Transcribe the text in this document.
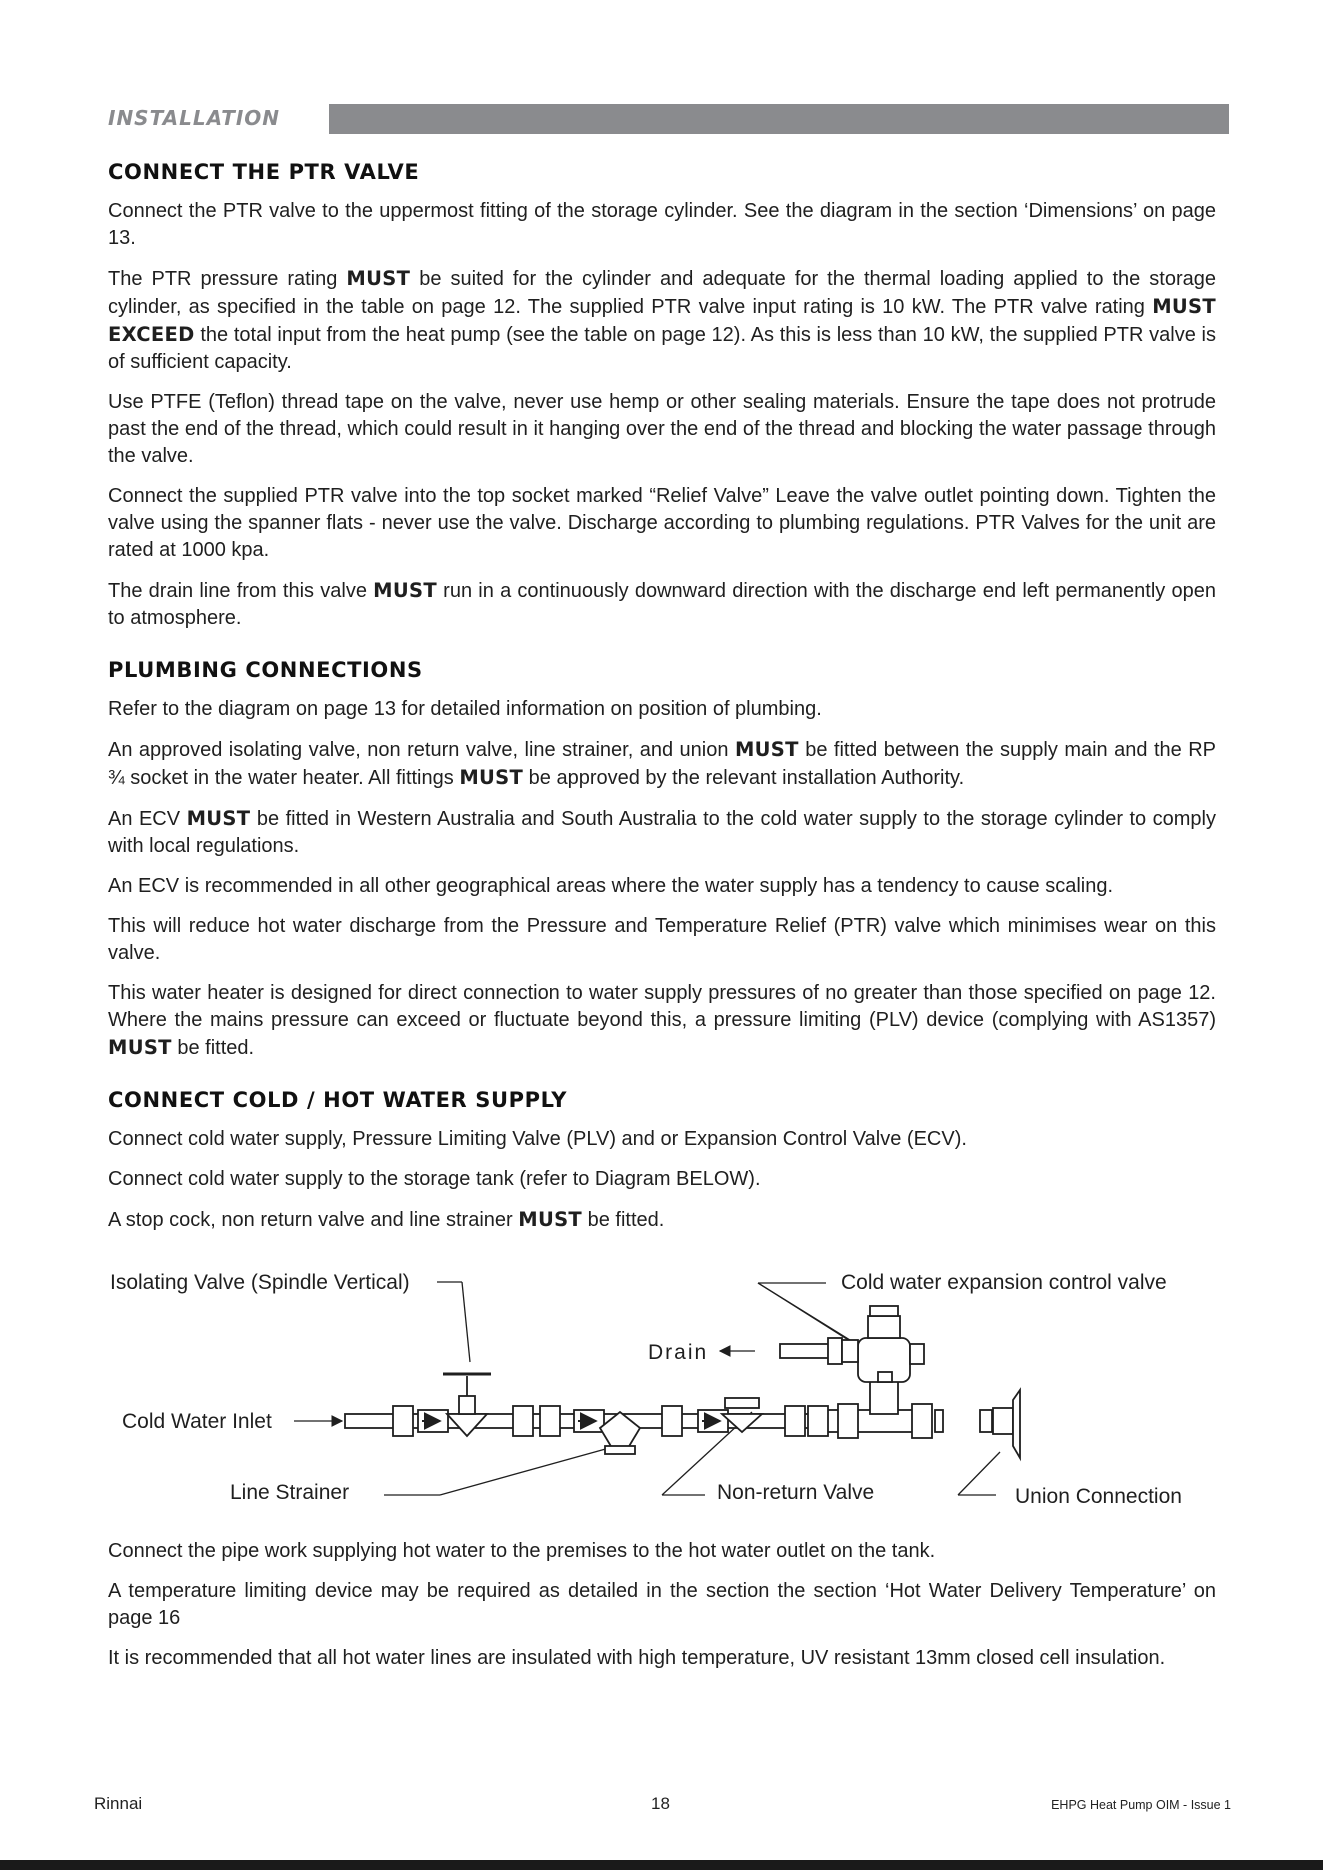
INSTALLATION
CONNECT THE PTR VALVE

Connect the PTR valve to the uppermost fitting of the storage cylinder. See the diagram in the section ‘Dimensions’ on page 13.

The PTR pressure rating MUST be suited for the cylinder and adequate for the thermal loading applied to the storage cylinder, as specified in the table on page 12. The supplied PTR valve input rating is 10 kW. The PTR valve rating MUST EXCEED the total input from the heat pump (see the table on page 12). As this is less than 10 kW, the supplied PTR valve is of sufficient capacity.

Use PTFE (Teflon) thread tape on the valve, never use hemp or other sealing materials. Ensure the tape does not protrude past the end of the thread, which could result in it hanging over the end of the thread and blocking the water passage through the valve.

Connect the supplied PTR valve into the top socket marked “Relief Valve” Leave the valve outlet pointing down. Tighten the valve using the spanner flats - never use the valve. Discharge according to plumbing regulations. PTR Valves for the unit are rated at 1000 kpa.

The drain line from this valve MUST run in a continuously downward direction with the discharge end left permanently open to atmosphere.

PLUMBING CONNECTIONS

Refer to the diagram on page 13 for detailed information on position of plumbing.

An approved isolating valve, non return valve, line strainer, and union MUST be fitted between the supply main and the RP ¾ socket in the water heater. All fittings MUST be approved by the relevant installation Authority.

An ECV MUST be fitted in Western Australia and South Australia to the cold water supply to the storage cylinder to comply with local regulations.

An ECV is recommended in all other geographical areas where the water supply has a tendency to cause scaling.

This will reduce hot water discharge from the Pressure and Temperature Relief (PTR) valve which minimises wear on this valve.

This water heater is designed for direct connection to water supply pressures of no greater than those specified on page 12. Where the mains pressure can exceed or fluctuate beyond this, a pressure limiting (PLV) device (complying with AS1357) MUST be fitted.

CONNECT COLD / HOT WATER SUPPLY

Connect cold water supply, Pressure Limiting Valve (PLV) and or Expansion Control Valve (ECV).

Connect cold water supply to the storage tank (refer to Diagram BELOW).

A stop cock, non return valve and line strainer MUST be fitted.

Isolating Valve (Spindle Vertical)	Cold water expansion control valve
Drain
Cold Water Inlet
Line Strainer	Non-return Valve	Union Connection

Connect the pipe work supplying hot water to the premises to the hot water outlet on the tank.

A temperature limiting device may be required as detailed in the section the section ‘Hot Water Delivery Temperature’ on page 16

It is recommended that all hot water lines are insulated with high temperature, UV resistant 13mm closed cell insulation.

Rinnai	18	EHPG Heat Pump OIM - Issue 1
